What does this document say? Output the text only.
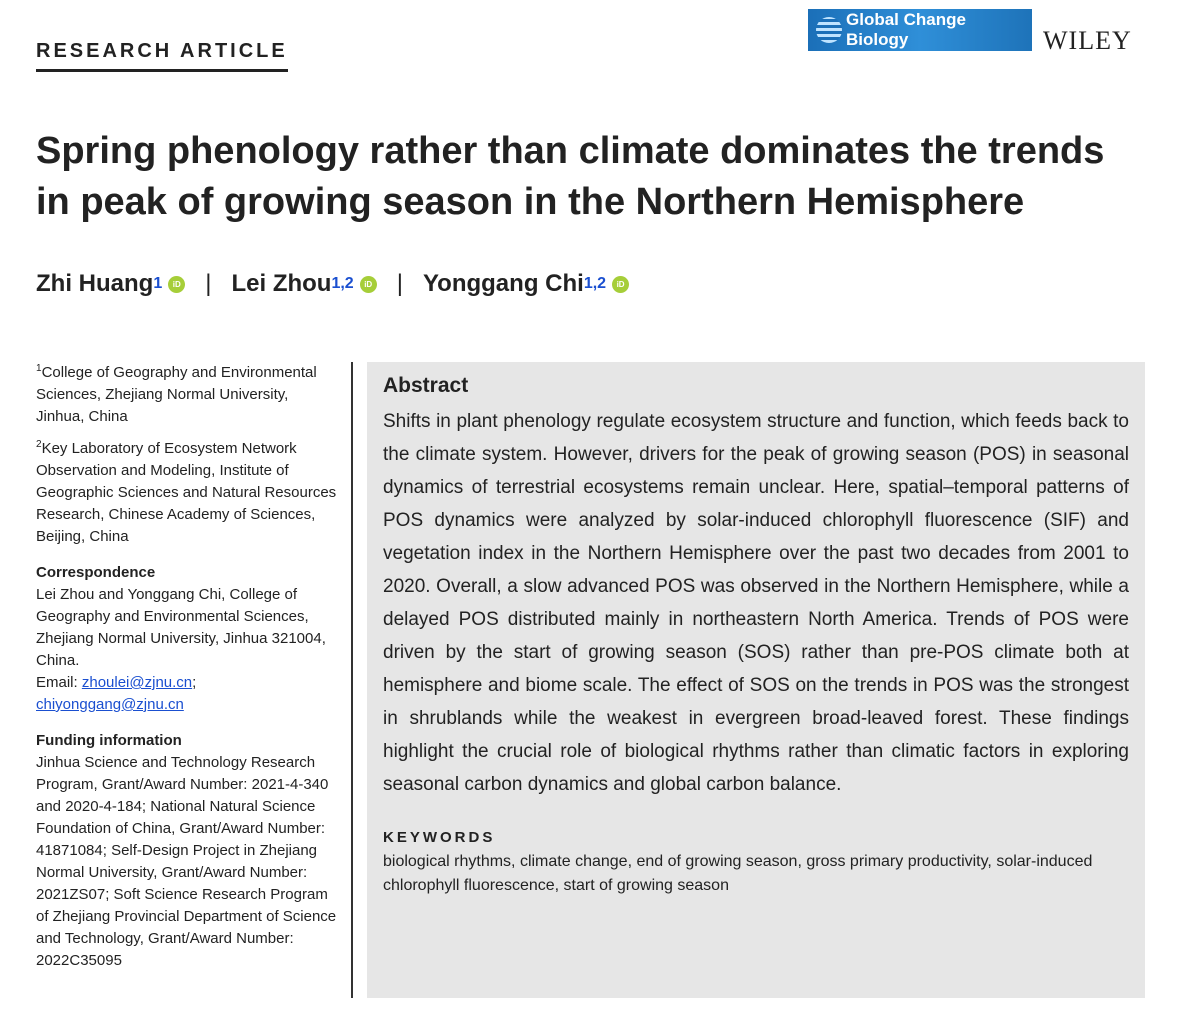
RESEARCH ARTICLE
Global Change Biology	WILEY
Spring phenology rather than climate dominates the trends in peak of growing season in the Northern Hemisphere
Zhi Huang 1	iD | Lei Zhou 1,2	iD | Yonggang Chi 1,2	iD

$^1$College of Geography and Environmental Sciences, Zhejiang Normal University, Jinhua, China

$^2$Key Laboratory of Ecosystem Network Observation and Modeling, Institute of Geographic Sciences and Natural Resources Research, Chinese Academy of Sciences, Beijing, China

Correspondence

Lei Zhou and Yonggang Chi, College of Geography and Environmental Sciences, Zhejiang Normal University, Jinhua 321004, China.
Email: zhoulei@zjnu.cn; chiyonggang@zjnu.cn

Funding information

Jinhua Science and Technology Research Program, Grant/Award Number: 2021-4-340 and 2020-4-184; National Natural Science Foundation of China, Grant/Award Number: 41871084; Self-Design Project in Zhejiang Normal University, Grant/Award Number: 2021ZS07; Soft Science Research Program of Zhejiang Provincial Department of Science and Technology, Grant/Award Number: 2022C35095

Abstract

Shifts in plant phenology regulate ecosystem structure and function, which feeds back to the climate system. However, drivers for the peak of growing season (POS) in seasonal dynamics of terrestrial ecosystems remain unclear. Here, spatial–temporal patterns of POS dynamics were analyzed by solar-induced chlorophyll fluorescence (SIF) and vegetation index in the Northern Hemisphere over the past two decades from 2001 to 2020. Overall, a slow advanced POS was observed in the Northern Hemisphere, while a delayed POS distributed mainly in northeastern North America. Trends of POS were driven by the start of growing season (SOS) rather than pre-POS climate both at hemisphere and biome scale. The effect of SOS on the trends in POS was the strongest in shrublands while the weakest in evergreen broad-leaved forest. These findings highlight the crucial role of biological rhythms rather than climatic factors in exploring seasonal carbon dynamics and global carbon balance.

KEYWORDS

biological rhythms, climate change, end of growing season, gross primary productivity, solar-induced chlorophyll fluorescence, start of growing season
